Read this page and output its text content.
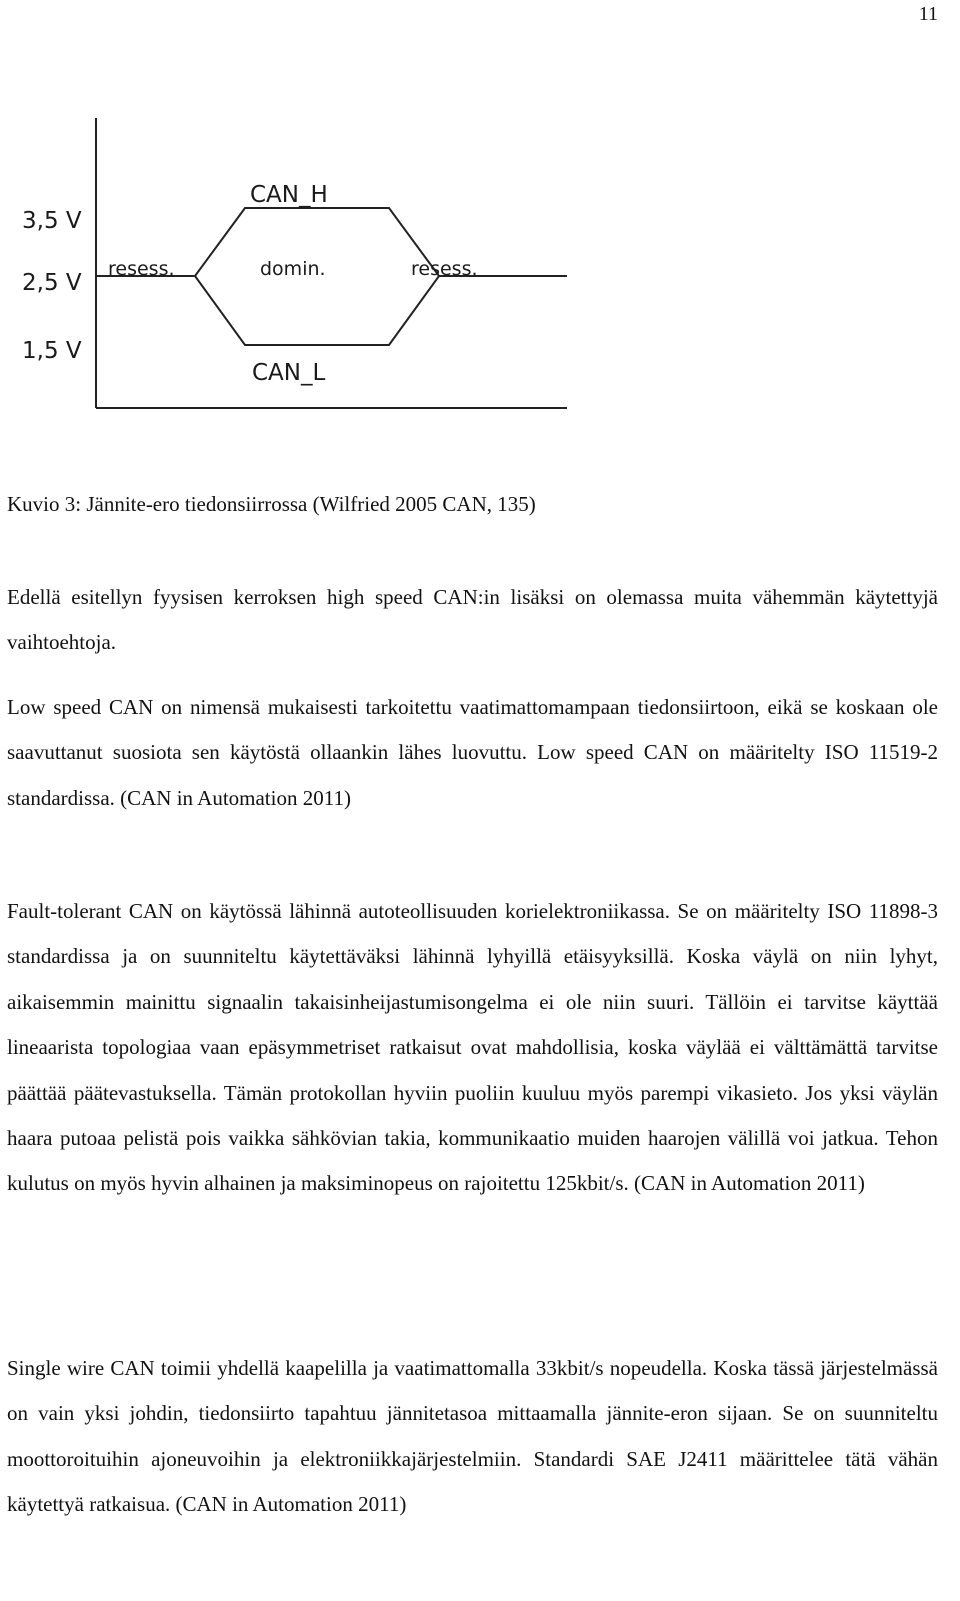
11
3,5 V
2,5 V
1,5 V
CAN_H
CAN_L
resess.	domin.	resess.

Kuvio 3: Jännite-ero tiedonsiirrossa (Wilfried 2005 CAN, 135)

Edellä esitellyn fyysisen kerroksen high speed CAN:in lisäksi on olemassa muita vähemmän käytettyjä vaihtoehtoja.

Low speed CAN on nimensä mukaisesti tarkoitettu vaatimattomampaan tiedonsiirtoon, eikä se koskaan ole saavuttanut suosiota sen käytöstä ollaankin lähes luovuttu. Low speed CAN on määritelty ISO 11519-2 standardissa. (CAN in Automation 2011)

Fault-tolerant CAN on käytössä lähinnä autoteollisuuden korielektroniikassa. Se on määritelty ISO 11898-3 standardissa ja on suunniteltu käytettäväksi lähinnä lyhyillä etäisyyksillä. Koska väylä on niin lyhyt, aikaisemmin mainittu signaalin takaisinheijastumisongelma ei ole niin suuri. Tällöin ei tarvitse käyttää lineaarista topologiaa vaan epäsymmetriset ratkaisut ovat mahdollisia, koska väylää ei välttämättä tarvitse päättää päätevastuksella. Tämän protokollan hyviin puoliin kuuluu myös parempi vikasieto. Jos yksi väylän haara putoaa pelistä pois vaikka sähkövian takia, kommunikaatio muiden haarojen välillä voi jatkua. Tehon kulutus on myös hyvin alhainen ja maksiminopeus on rajoitettu 125kbit/s. (CAN in Automation 2011)

Single wire CAN toimii yhdellä kaapelilla ja vaatimattomalla 33kbit/s nopeudella. Koska tässä järjestelmässä on vain yksi johdin, tiedonsiirto tapahtuu jännitetasoa mittaamalla jännite-eron sijaan. Se on suunniteltu moottoroituihin ajoneuvoihin ja elektroniikkajärjestelmiin. Standardi SAE J2411 määrittelee tätä vähän käytettyä ratkaisua. (CAN in Automation 2011)
